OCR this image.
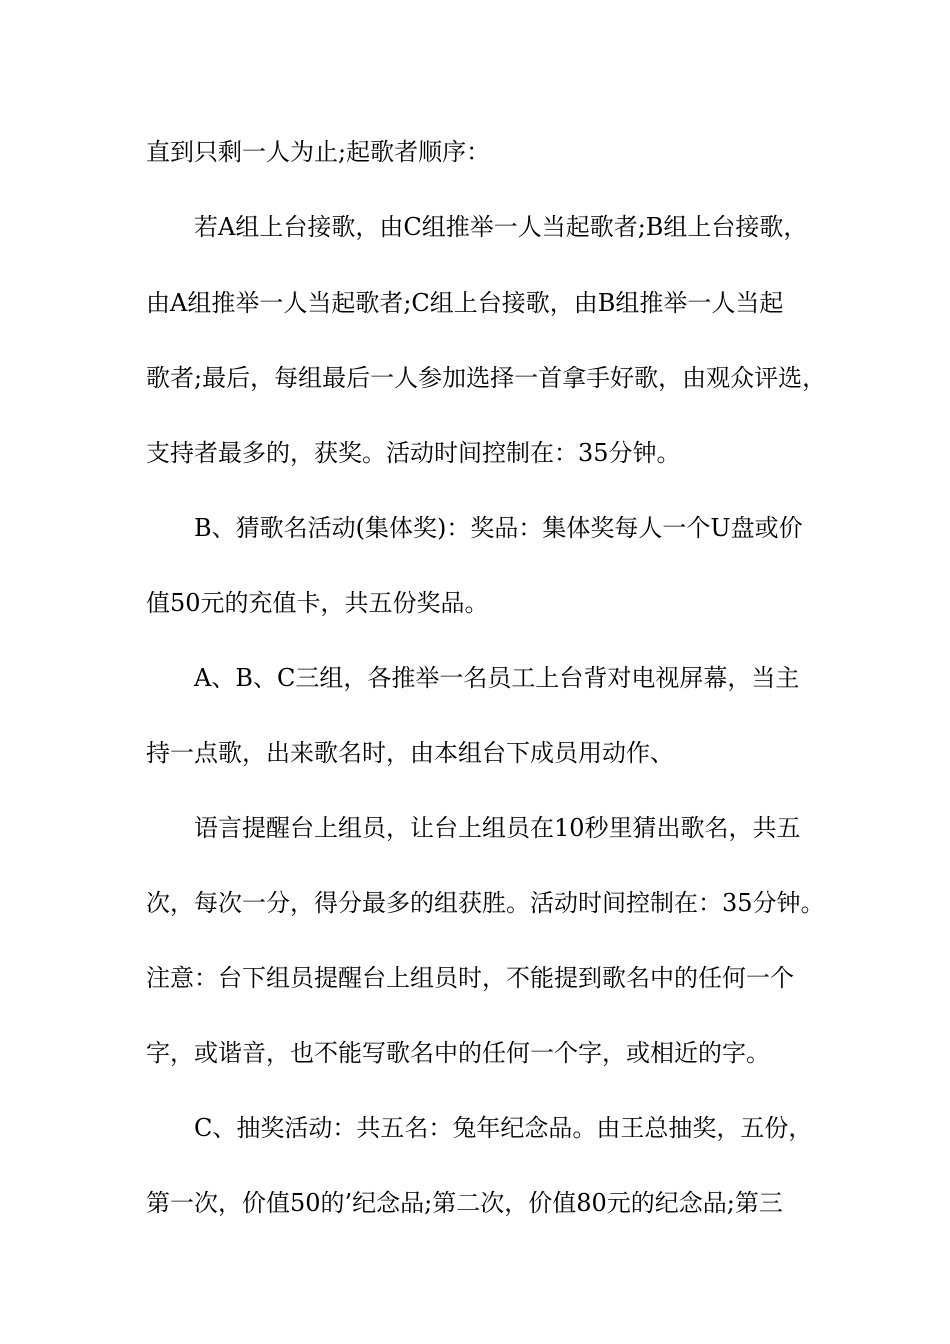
直到只剩一人为止;起歌者顺序：
若A组上台接歌，由C组推举一人当起歌者;B组上台接歌，
由A组推举一人当起歌者;C组上台接歌，由B组推举一人当起
歌者;最后，每组最后一人参加选择一首拿手好歌，由观众评选，
支持者最多的，获奖。活动时间控制在：35分钟。
B、猜歌名活动(集体奖)：奖品：集体奖每人一个U盘或价
值50元的充值卡，共五份奖品。
A、B、C三组，各推举一名员工上台背对电视屏幕，当主
持一点歌，出来歌名时，由本组台下成员用动作、
语言提醒台上组员，让台上组员在10秒里猜出歌名，共五
次，每次一分，得分最多的组获胜。活动时间控制在：35分钟。
注意：台下组员提醒台上组员时，不能提到歌名中的任何一个
字，或谐音，也不能写歌名中的任何一个字，或相近的字。
C、抽奖活动：共五名：兔年纪念品。由王总抽奖，五份，
第一次，价值50的’纪念品;第二次，价值80元的纪念品;第三
